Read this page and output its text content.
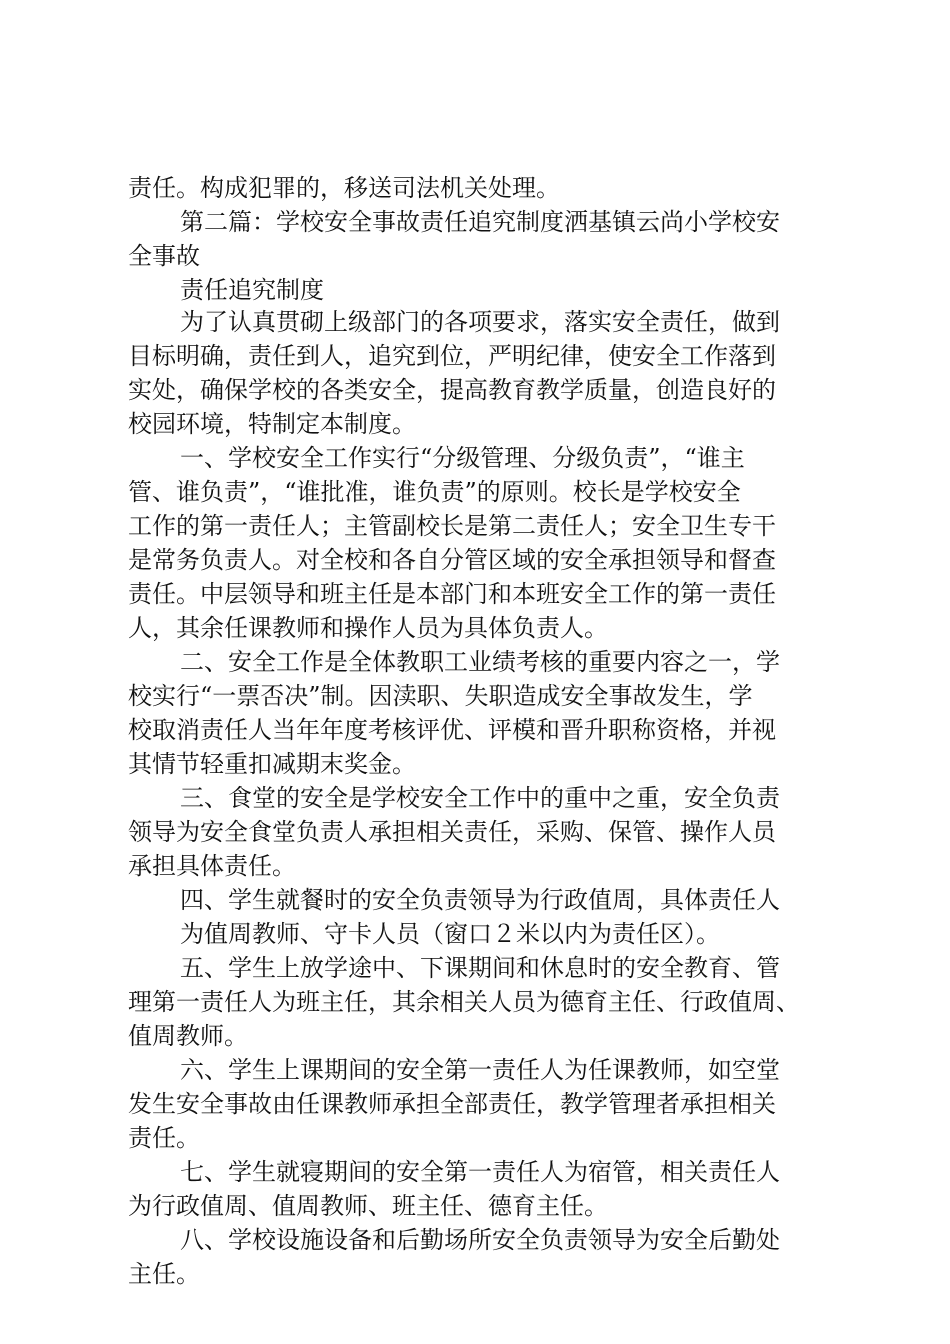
责任。构成犯罪的，移送司法机关处理。
第二篇：学校安全事故责任追究制度洒基镇云尚小学校安
全事故
责任追究制度
为了认真贯砌上级部门的各项要求，落实安全责任，做到
目标明确，责任到人，追究到位，严明纪律，使安全工作落到
实处，确保学校的各类安全，提高教育教学质量，创造良好的
校园环境，特制定本制度。
一、学校安全工作实行“分级管理、分级负责”，“谁主
管、谁负责”，“谁批准，谁负责”的原则。校长是学校安全
工作的第一责任人；主管副校长是第二责任人；安全卫生专干
是常务负责人。对全校和各自分管区域的安全承担领导和督查
责任。中层领导和班主任是本部门和本班安全工作的第一责任
人，其余任课教师和操作人员为具体负责人。
二、安全工作是全体教职工业绩考核的重要内容之一，学
校实行“一票否决”制。因渎职、失职造成安全事故发生，学
校取消责任人当年年度考核评优、评模和晋升职称资格，并视
其情节轻重扣减期末奖金。
三、食堂的安全是学校安全工作中的重中之重，安全负责
领导为安全食堂负责人承担相关责任，采购、保管、操作人员
承担具体责任。
四、学生就餐时的安全负责领导为行政值周，具体责任人
为值周教师、守卡人员（窗口２米以内为责任区）。
五、学生上放学途中、下课期间和休息时的安全教育、管
理第一责任人为班主任，其余相关人员为德育主任、行政值周、
值周教师。
六、学生上课期间的安全第一责任人为任课教师，如空堂
发生安全事故由任课教师承担全部责任，教学管理者承担相关
责任。
七、学生就寝期间的安全第一责任人为宿管，相关责任人
为行政值周、值周教师、班主任、德育主任。
八、学校设施设备和后勤场所安全负责领导为安全后勤处
主任。
